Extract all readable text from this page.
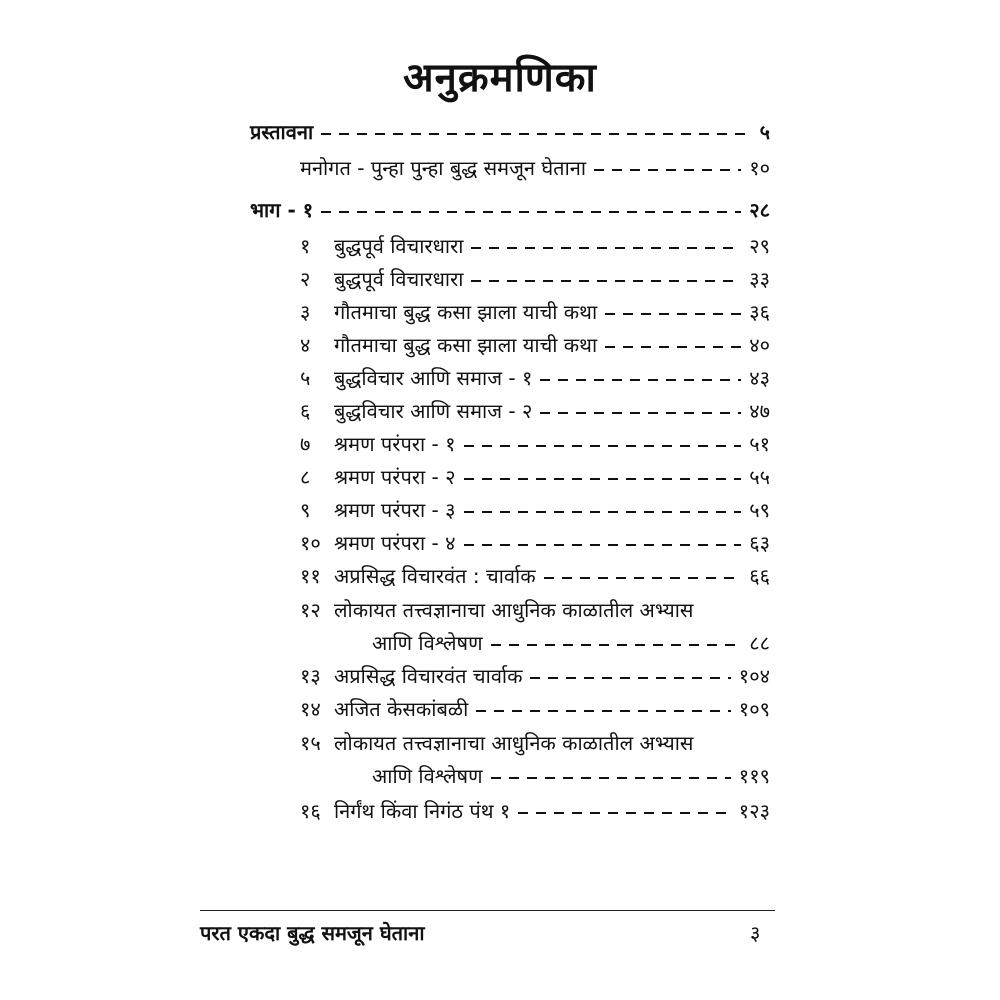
अनुक्रमणिका
प्रस्तावना	५
मनोगत - पुन्हा पुन्हा बुद्ध समजून घेताना	१०
भाग - १	२८
१	बुद्धपूर्व विचारधारा	२९
२	बुद्धपूर्व विचारधारा	३३
३	गौतमाचा बुद्ध कसा झाला याची कथा	३६
४	गौतमाचा बुद्ध कसा झाला याची कथा	४०
५	बुद्धविचार आणि समाज - १	४३
६	बुद्धविचार आणि समाज - २	४७
७	श्रमण परंपरा - १	५१
८	श्रमण परंपरा - २	५५
९	श्रमण परंपरा - ३	५९
१० श्रमण परंपरा - ४	६३
११ अप्रसिद्ध विचारवंत : चार्वाक	६६
१२ लोकायत तत्त्वज्ञानाचा आधुनिक काळातील अभ्यास
आणि विश्लेषण	८८
१३ अप्रसिद्ध विचारवंत चार्वाक	१०४
१४ अजित केसकांबळी	१०९
१५ लोकायत तत्त्वज्ञानाचा आधुनिक काळातील अभ्यास
आणि विश्लेषण	११९
१६ निर्गंथ किंवा निगंठ पंथ १	१२३
परत एकदा बुद्ध समजून घेताना	३
